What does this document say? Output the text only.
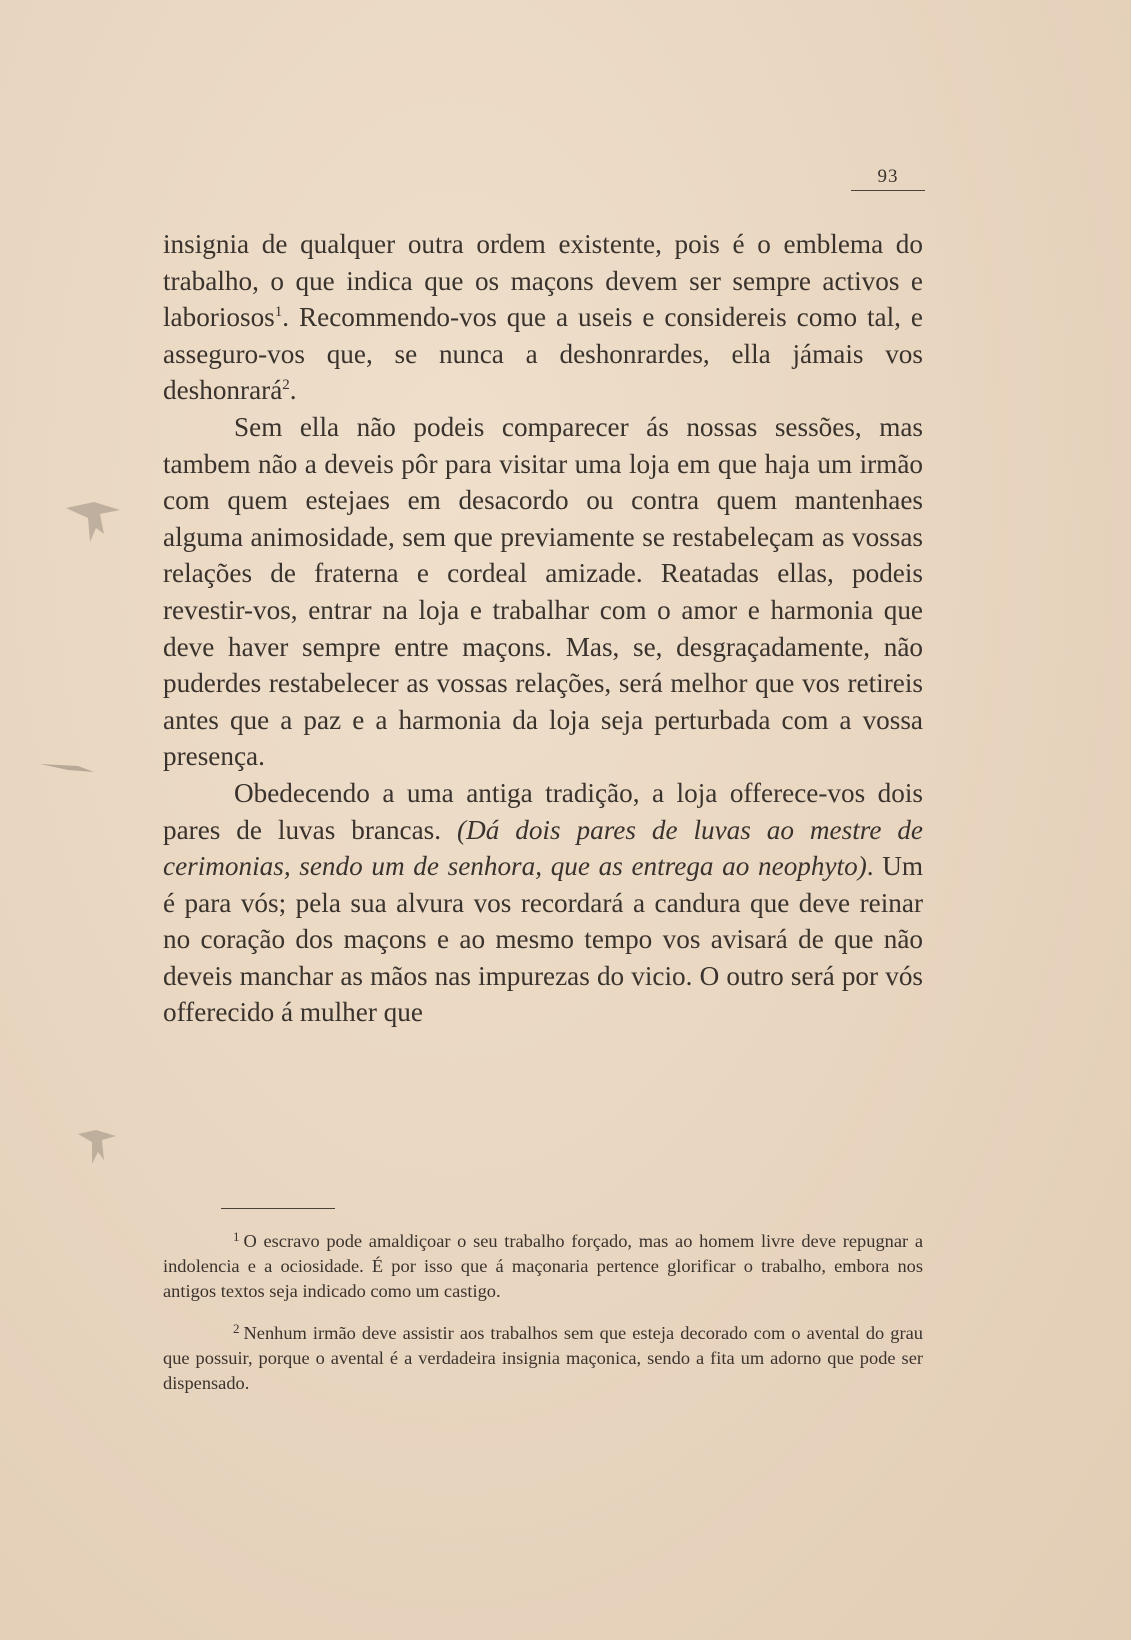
93

insignia de qualquer outra ordem existente, pois é o emblema do trabalho, o que indica que os maçons devem ser sempre activos e laboriosos$^1$. Recommendo-vos que a useis e considereis como tal, e asseguro-vos que, se nunca a deshonrardes, ella jámais vos deshonrará$^2$.

Sem ella não podeis comparecer ás nossas sessões, mas tambem não a deveis pôr para visitar uma loja em que haja um irmão com quem estejaes em desacordo ou contra quem mantenhaes alguma animosidade, sem que previamente se restabeleçam as vossas relações de fraterna e cordeal amizade. Reatadas ellas, podeis revestir-vos, entrar na loja e trabalhar com o amor e harmonia que deve haver sempre entre maçons. Mas, se, desgraçadamente, não puderdes restabelecer as vossas relações, será melhor que vos retireis antes que a paz e a harmonia da loja seja perturbada com a vossa presença.

Obedecendo a uma antiga tradição, a loja offerece-vos dois pares de luvas brancas. (Dá dois pares de luvas ao mestre de cerimonias, sendo um de senhora, que as entrega ao neophyto). Um é para vós; pela sua alvura vos recordará a candura que deve reinar no coração dos maçons e ao mesmo tempo vos avisará de que não deveis manchar as mãos nas impurezas do vicio. O outro será por vós offerecido á mulher que

$^1$ O escravo pode amaldiçoar o seu trabalho forçado, mas ao homem livre deve repugnar a indolencia e a ociosidade. É por isso que á maçonaria pertence glorificar o trabalho, embora nos antigos textos seja indicado como um castigo.

$^2$ Nenhum irmão deve assistir aos trabalhos sem que esteja decorado com o avental do grau que possuir, porque o avental é a verdadeira insignia maçonica, sendo a fita um adorno que pode ser dispensado.
